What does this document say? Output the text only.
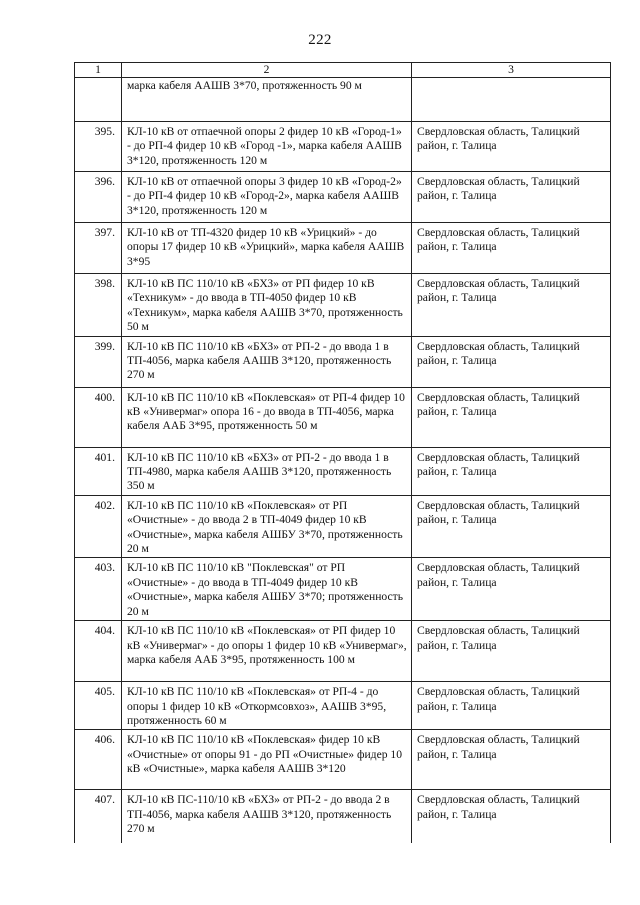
222
1	2	3
	марка кабеля ААШВ 3*70, протяженность 90 м	
395.	КЛ-10 кВ от отпаечной опоры 2 фидер 10 кВ «Город-1» - до РП-4 фидер 10 кВ «Город -1», марка кабеля ААШВ 3*120, протяженность 120 м	Свердловская область, Талицкий район, г. Талица
396.	КЛ-10 кВ от отпаечной опоры 3 фидер 10 кВ «Город-2» - до РП-4 фидер 10 кВ «Город-2», марка кабеля ААШВ 3*120, протяженность 120 м	Свердловская область, Талицкий район, г. Талица
397.	КЛ-10 кВ от ТП-4320 фидер 10 кВ «Урицкий» - до опоры 17 фидер 10 кВ «Урицкий», марка кабеля ААШВ 3*95	Свердловская область, Талицкий район, г. Талица
398.	КЛ-10 кВ ПС 110/10 кВ «БХЗ» от РП фидер 10 кВ «Техникум» - до ввода в ТП-4050 фидер 10 кВ «Техникум», марка кабеля ААШВ 3*70, протяженность 50 м	Свердловская область, Талицкий район, г. Талица
399.	КЛ-10 кВ ПС 110/10 кВ «БХЗ» от РП-2 - до ввода 1 в ТП-4056, марка кабеля ААШВ 3*120, протяженность 270 м	Свердловская область, Талицкий район, г. Талица
400.	КЛ-10 кВ ПС 110/10 кВ «Поклевская» от РП-4 фидер 10 кВ «Универмаг» опора 16 - до ввода в ТП-4056, марка кабеля ААБ 3*95, протяженность 50 м	Свердловская область, Талицкий район, г. Талица
401.	КЛ-10 кВ ПС 110/10 кВ «БХЗ» от РП-2 - до ввода 1 в ТП-4980, марка кабеля ААШВ 3*120, протяженность 350 м	Свердловская область, Талицкий район, г. Талица
402.	КЛ-10 кВ ПС 110/10 кВ «Поклевская» от РП «Очистные» - до ввода 2 в ТП-4049 фидер 10 кВ «Очистные», марка кабеля АШБУ 3*70, протяженность 20 м	Свердловская область, Талицкий район, г. Талица
403.	КЛ-10 кВ ПС 110/10 кВ "Поклевская" от РП «Очистные» - до ввода в ТП-4049 фидер 10 кВ «Очистные», марка кабеля АШБУ 3*70; протяженность 20 м	Свердловская область, Талицкий район, г. Талица
404.	КЛ-10 кВ ПС 110/10 кВ «Поклевская» от РП фидер 10 кВ «Универмаг» - до опоры 1 фидер 10 кВ «Универмаг», марка кабеля ААБ 3*95, протяженность 100 м	Свердловская область, Талицкий район, г. Талица
405.	КЛ-10 кВ ПС 110/10 кВ «Поклевская» от РП-4 - до опоры 1 фидер 10 кВ «Откормсовхоз», ААШВ 3*95, протяженность 60 м	Свердловская область, Талицкий район, г. Талица
406.	КЛ-10 кВ ПС 110/10 кВ «Поклевская» фидер 10 кВ «Очистные» от опоры 91 - до РП «Очистные» фидер 10 кВ «Очистные», марка кабеля ААШВ 3*120	Свердловская область, Талицкий район, г. Талица
407.	КЛ-10 кВ ПС-110/10 кВ «БХЗ» от РП-2 - до ввода 2 в ТП-4056, марка кабеля ААШВ 3*120, протяженность 270 м	Свердловская область, Талицкий район, г. Талица
